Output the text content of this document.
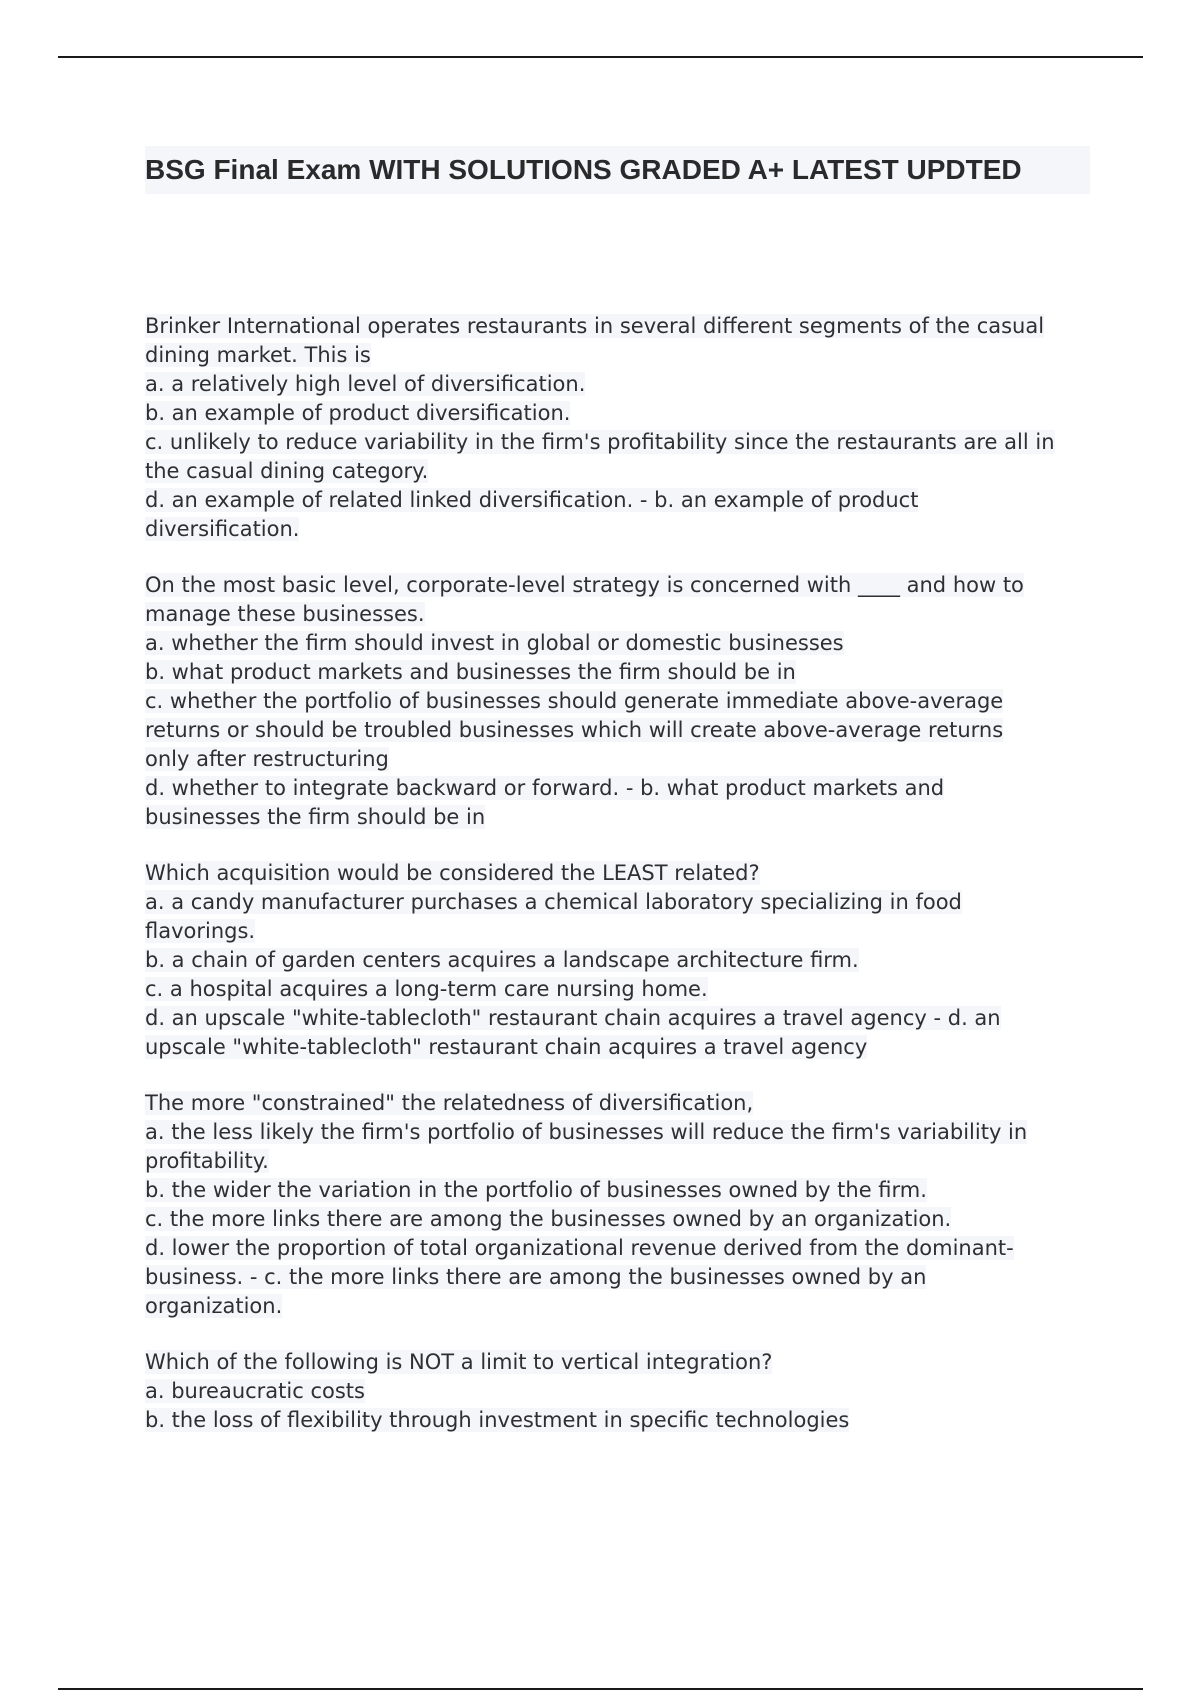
BSG Final Exam WITH SOLUTIONS GRADED A+ LATEST UPDTED
Brinker International operates restaurants in several different segments of the casual
dining market. This is
a. a relatively high level of diversification.
b. an example of product diversification.
c. unlikely to reduce variability in the firm's profitability since the restaurants are all in
the casual dining category.
d. an example of related linked diversification. - b. an example of product
diversification.
On the most basic level, corporate-level strategy is concerned with ____ and how to
manage these businesses.
a. whether the firm should invest in global or domestic businesses
b. what product markets and businesses the firm should be in
c. whether the portfolio of businesses should generate immediate above-average
returns or should be troubled businesses which will create above-average returns
only after restructuring
d. whether to integrate backward or forward. - b. what product markets and
businesses the firm should be in
Which acquisition would be considered the LEAST related?
a. a candy manufacturer purchases a chemical laboratory specializing in food
flavorings.
b. a chain of garden centers acquires a landscape architecture firm.
c. a hospital acquires a long-term care nursing home.
d. an upscale "white-tablecloth" restaurant chain acquires a travel agency - d. an
upscale "white-tablecloth" restaurant chain acquires a travel agency
The more "constrained" the relatedness of diversification,
a. the less likely the firm's portfolio of businesses will reduce the firm's variability in
profitability.
b. the wider the variation in the portfolio of businesses owned by the firm.
c. the more links there are among the businesses owned by an organization.
d. lower the proportion of total organizational revenue derived from the dominant-
business. - c. the more links there are among the businesses owned by an
organization.
Which of the following is NOT a limit to vertical integration?
a. bureaucratic costs
b. the loss of flexibility through investment in specific technologies
